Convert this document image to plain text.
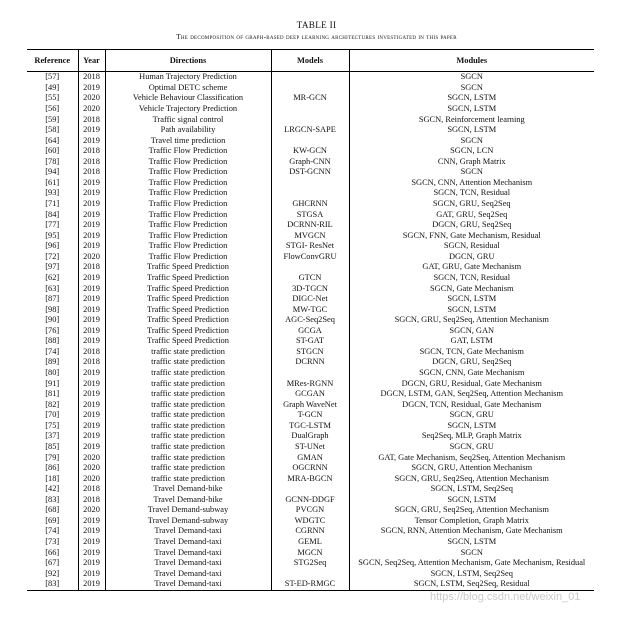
TABLE II
The decomposition of graph-based deep learning architectures investigated in this paper
Reference	Year	Directions	Models	Modules
[57]	2018	Human Trajectory Prediction		SGCN
[49]	2019	Optimal DETC scheme		SGCN
[55]	2020	Vehicle Behaviour Classification	MR-GCN	SGCN, LSTM
[56]	2020	Vehicle Trajectory Prediction		SGCN, LSTM
[59]	2018	Traffic signal control		SGCN, Reinforcement learning
[58]	2019	Path availability	LRGCN-SAPE	SGCN, LSTM
[64]	2019	Travel time prediction		SGCN
[60]	2018	Traffic Flow Prediction	KW-GCN	SGCN, LCN
[78]	2018	Traffic Flow Prediction	Graph-CNN	CNN, Graph Matrix
[94]	2018	Traffic Flow Prediction	DST-GCNN	SGCN
[61]	2019	Traffic Flow Prediction		SGCN, CNN, Attention Mechanism
[93]	2019	Traffic Flow Prediction		SGCN, TCN, Residual
[71]	2019	Traffic Flow Prediction	GHCRNN	SGCN, GRU, Seq2Seq
[84]	2019	Traffic Flow Prediction	STGSA	GAT, GRU, Seq2Seq
[77]	2019	Traffic Flow Prediction	DCRNN-RIL	DGCN, GRU, Seq2Seq
[95]	2019	Traffic Flow Prediction	MVGCN	SGCN, FNN, Gate Mechanism, Residual
[96]	2019	Traffic Flow Prediction	STGI- ResNet	SGCN, Residual
[72]	2020	Traffic Flow Prediction	FlowConvGRU	DGCN, GRU
[97]	2018	Traffic Speed Prediction		GAT, GRU, Gate Mechanism
[62]	2019	Traffic Speed Prediction	GTCN	SGCN, TCN, Residual
[63]	2019	Traffic Speed Prediction	3D-TGCN	SGCN, Gate Mechanism
[87]	2019	Traffic Speed Prediction	DIGC-Net	SGCN, LSTM
[98]	2019	Traffic Speed Prediction	MW-TGC	SGCN, LSTM
[90]	2019	Traffic Speed Prediction	AGC-Seq2Seq	SGCN, GRU, Seq2Seq, Attention Mechanism
[76]	2019	Traffic Speed Prediction	GCGA	SGCN, GAN
[88]	2019	Traffic Speed Prediction	ST-GAT	GAT, LSTM
[74]	2018	traffic state prediction	STGCN	SGCN, TCN, Gate Mechanism
[89]	2018	traffic state prediction	DCRNN	DGCN, GRU, Seq2Seq
[80]	2019	traffic state prediction		SGCN, CNN, Gate Mechanism
[91]	2019	traffic state prediction	MRes-RGNN	DGCN, GRU, Residual, Gate Mechanism
[81]	2019	traffic state prediction	GCGAN	DGCN, LSTM, GAN, Seq2Seq, Attention Mechanism
[82]	2019	traffic state prediction	Graph WaveNet	DGCN, TCN, Residual, Gate Mechanism
[70]	2019	traffic state prediction	T-GCN	SGCN, GRU
[75]	2019	traffic state prediction	TGC-LSTM	SGCN, LSTM
[37]	2019	traffic state prediction	DualGraph	Seq2Seq, MLP, Graph Matrix
[85]	2019	traffic state prediction	ST-UNet	SGCN, GRU
[79]	2020	traffic state prediction	GMAN	GAT, Gate Mechanism, Seq2Seq, Attention Mechanism
[86]	2020	traffic state prediction	OGCRNN	SGCN, GRU, Attention Mechanism
[18]	2020	traffic state prediction	MRA-BGCN	SGCN, GRU, Seq2Seq, Attention Mechanism
[42]	2018	Travel Demand-bike		SGCN, LSTM, Seq2Seq
[83]	2018	Travel Demand-bike	GCNN-DDGF	SGCN, LSTM
[68]	2020	Travel Demand-subway	PVCGN	SGCN, GRU, Seq2Seq, Attention Mechanism
[69]	2019	Travel Demand-subway	WDGTC	Tensor Completion, Graph Matrix
[74]	2019	Travel Demand-taxi	CGRNN	SGCN, RNN, Attention Mechanism, Gate Mechanism
[73]	2019	Travel Demand-taxi	GEML	SGCN, LSTM
[66]	2019	Travel Demand-taxi	MGCN	SGCN
[67]	2019	Travel Demand-taxi	STG2Seq	SGCN, Seq2Seq, Attention Mechanism, Gate Mechanism, Residual
[92]	2019	Travel Demand-taxi		SGCN, LSTM, Seq2Seq
[83]	2019	Travel Demand-taxi	ST-ED-RMGC	SGCN, LSTM, Seq2Seq, Residual
https://blog.csdn.net/weixin_01
